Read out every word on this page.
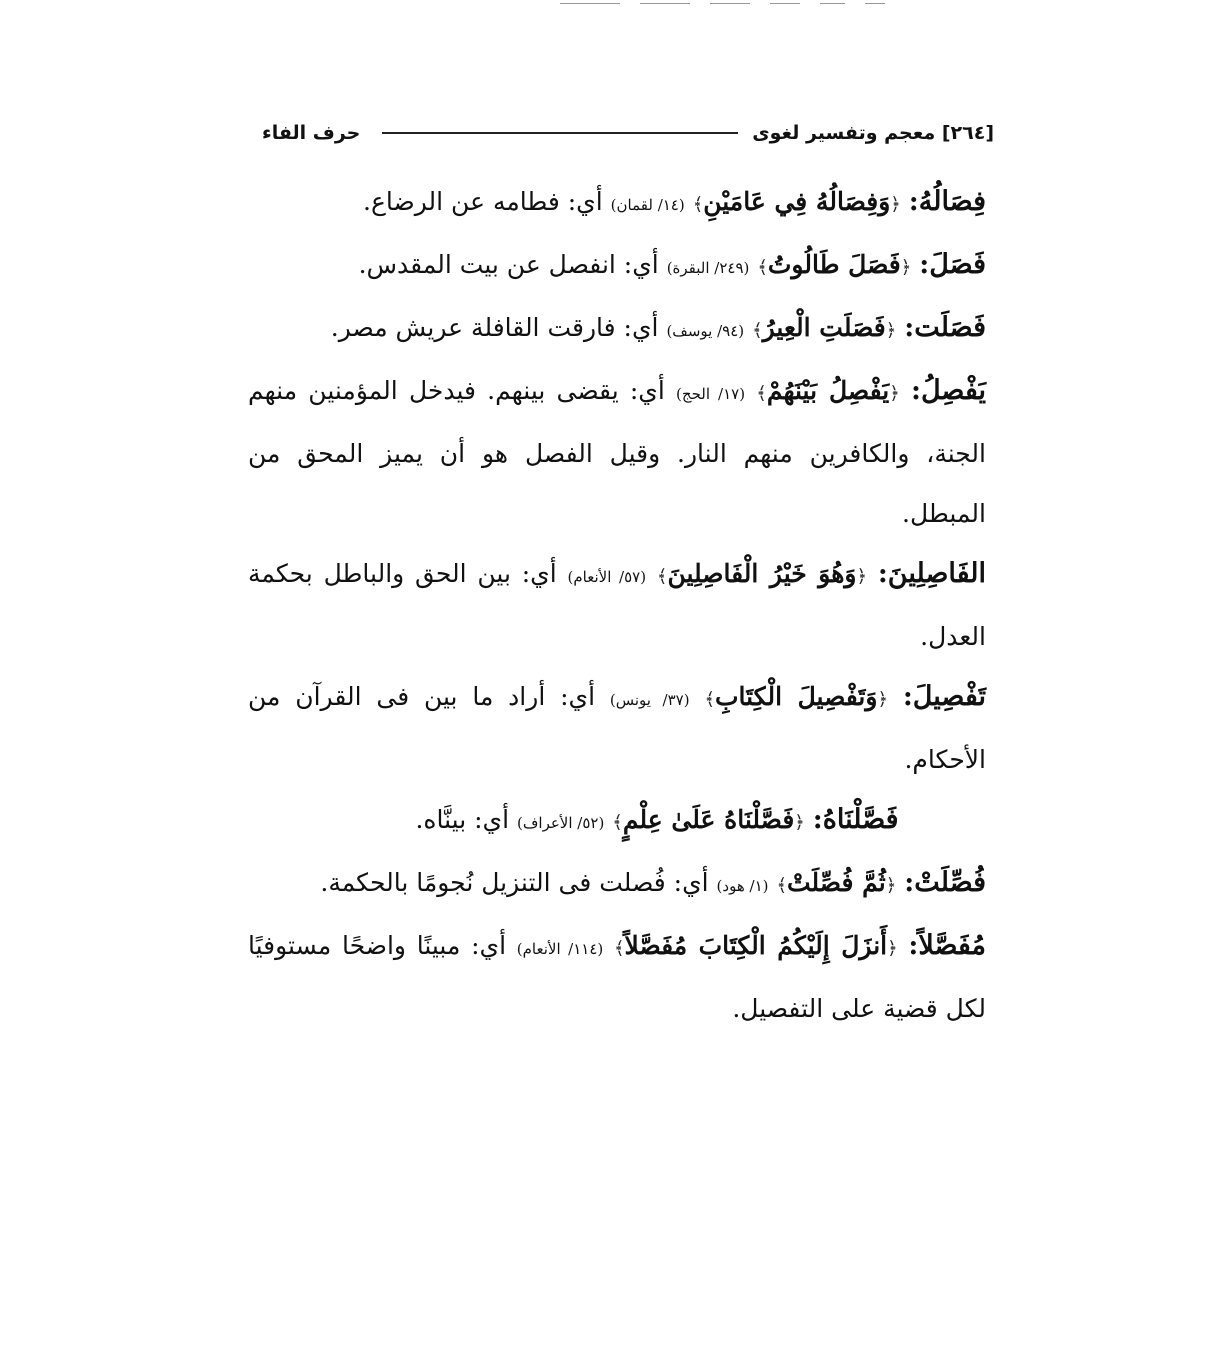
[٢٦٤] معجم وتفسير لغوى
حرف الفاء

فِصَالُهُ: ﴿وَفِصَالُهُ فِي عَامَيْنِ﴾ (١٤/ لقمان) أي: فطامه عن الرضاع.

فَصَلَ: ﴿فَصَلَ طَالُوتُ﴾ (٢٤٩/ البقرة) أي: انفصل عن بيت المقدس.

فَصَلَت: ﴿فَصَلَتِ الْعِيرُ﴾ (٩٤/ يوسف) أي: فارقت القافلة عريش مصر.

يَفْصِلُ: ﴿يَفْصِلُ بَيْنَهُمْ﴾ (١٧/ الحج) أي: يقضى بينهم. فيدخل المؤمنين منهم الجنة، والكافرين منهم النار. وقيل الفصل هو أن يميز المحق من المبطل.

الفَاصِلِينَ: ﴿وَهُوَ خَيْرُ الْفَاصِلِينَ﴾ (٥٧/ الأنعام) أي: بين الحق والباطل بحكمة العدل.

تَفْصِيلَ: ﴿وَتَفْصِيلَ الْكِتَابِ﴾ (٣٧/ يونس) أي: أراد ما بين فى القرآن من الأحكام.

فَصَّلْنَاهُ: ﴿فَصَّلْنَاهُ عَلَىٰ عِلْمٍ﴾ (٥٢/ الأعراف) أي: بينَّاه.

فُصِّلَتْ: ﴿ثُمَّ فُصِّلَتْ﴾ (١/ هود) أي: فُصلت فى التنزيل نُجومًا بالحكمة.

مُفَصَّلاً: ﴿أَنزَلَ إِلَيْكُمُ الْكِتَابَ مُفَصَّلاً﴾ (١١٤/ الأنعام) أي: مبينًا واضحًا مستوفيًا لكل قضية على التفصيل.
